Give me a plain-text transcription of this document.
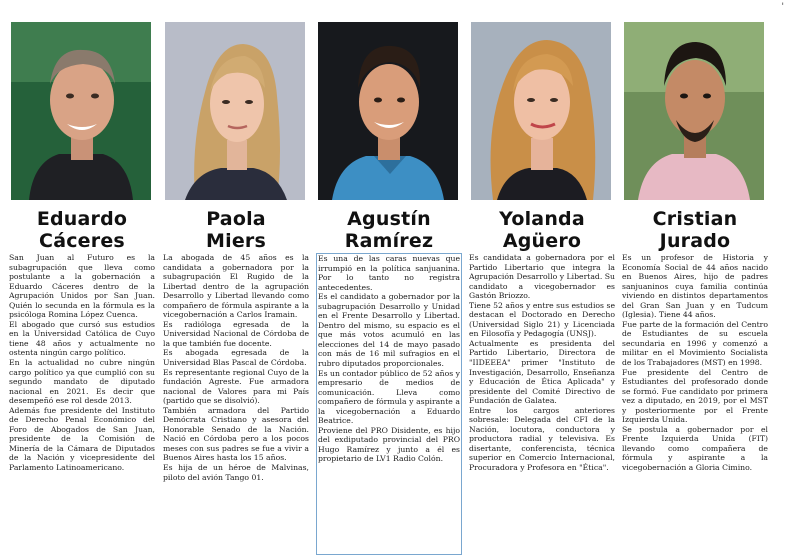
'
Eduardo
Cáceres

San Juan al Futuro es la subagrupación que lleva como postulante a la gobernación a Eduardo Cáceres dentro de la Agrupación Unidos por San Juan. Quién lo secunda en la fórmula es la psicóloga Romina López Cuenca.

El abogado que cursó sus estudios en la Universidad Católica de Cuyo tiene 48 años y actualmente no ostenta ningún cargo político.

En la actualidad no cubre ningún cargo político ya que cumplió con su segundo mandato de diputado nacional en 2021. Es decir que desempeñó ese rol desde 2013.

Además fue presidente del Instituto de Derecho Penal Económico del Foro de Abogados de San Juan, presidente de la Comisión de Minería de la Cámara de Diputados de la Nación y vicepresidente del Parlamento Latinoamericano.

Paola
Miers

La abogada de 45 años es la candidata a gobernadora por la subagrupación El Rugido de la Libertad dentro de la agrupación Desarrollo y Libertad llevando como compañero de fórmula aspirante a la vicegobernación a Carlos Iramain.

Es radióloga egresada de la Universidad Nacional de Córdoba de la que también fue docente.

Es abogada egresada de la Universidad Blas Pascal de Córdoba.

Es representante regional Cuyo de la fundación Agreste. Fue armadora nacional de Valores para mi País (partido que se disolvió).

También armadora del Partido Demócrata Cristiano y asesora del Honorable Senado de la Nación. Nació en Córdoba pero a los pocos meses con sus padres se fue a vivir a Buenos Aires hasta los 15 años.

Es hija de un héroe de Malvinas, piloto del avión Tango 01.

Agustín
Ramírez

Es una de las caras nuevas que irrumpió en la política sanjuanina. Por lo tanto no registra antecedentes.

Es el candidato a gobernador por la subagrupación Desarrollo y Unidad en el Frente Desarrollo y Libertad. Dentro del mismo, su espacio es el que más votos acumuló en las elecciones del 14 de mayo pasado con más de 16 mil sufragios en el rubro diputados proporcionales.

Es un contador público de 52 años y empresario de medios de comunicación. Lleva como compañero de fórmula y aspirante a la vicegobernación a Eduardo Beatrice.

Proviene del PRO Disidente, es hijo del exdiputado provincial del PRO Hugo Ramírez y junto a él es propietario de LV1 Radio Colón.

Yolanda
Agüero

Es candidata a gobernadora por el Partido Libertario que integra la Agrupación Desarrollo y Libertad. Su candidato a vicegobernador es Gastón Briozzo.

Tiene 52 años y entre sus estudios se destacan el Doctorado en Derecho (Universidad Siglo 21) y Licenciada en Filosofía y Pedagogía (UNSJ).

Actualmente es presidenta del Partido Libertario, Directora de "IIDEEEA" primer "Instituto de Investigación, Desarrollo, Enseñanza y Educación de Ética Aplicada" y presidente del Comité Directivo de Fundación de Galatea.

Entre los cargos anteriores sobresale: Delegada del CFI de la Nación, locutora, conductora y productora radial y televisiva. Es disertante, conferencista, técnica superior en Comercio Internacional, Procuradora y Profesora en "Ética".

Cristian
Jurado

Es un profesor de Historia y Economía Social de 44 años nacido en Buenos Aires, hijo de padres sanjuaninos cuya familia continúa viviendo en distintos departamentos del Gran San Juan y en Tudcum (Iglesia). Tiene 44 años.

Fue parte de la formación del Centro de Estudiantes de su escuela secundaria en 1996 y comenzó a militar en el Movimiento Socialista de los Trabajadores (MST) en 1998.

Fue presidente del Centro de Estudiantes del profesorado donde se formó. Fue candidato por primera vez a diputado, en 2019, por el MST y posteriormente por el Frente Izquierda Unida.

Se postula a gobernador por el Frente Izquierda Unida (FIT) llevando como compañera de fórmula y aspirante a la vicegobernación a Gloria Cimino.
